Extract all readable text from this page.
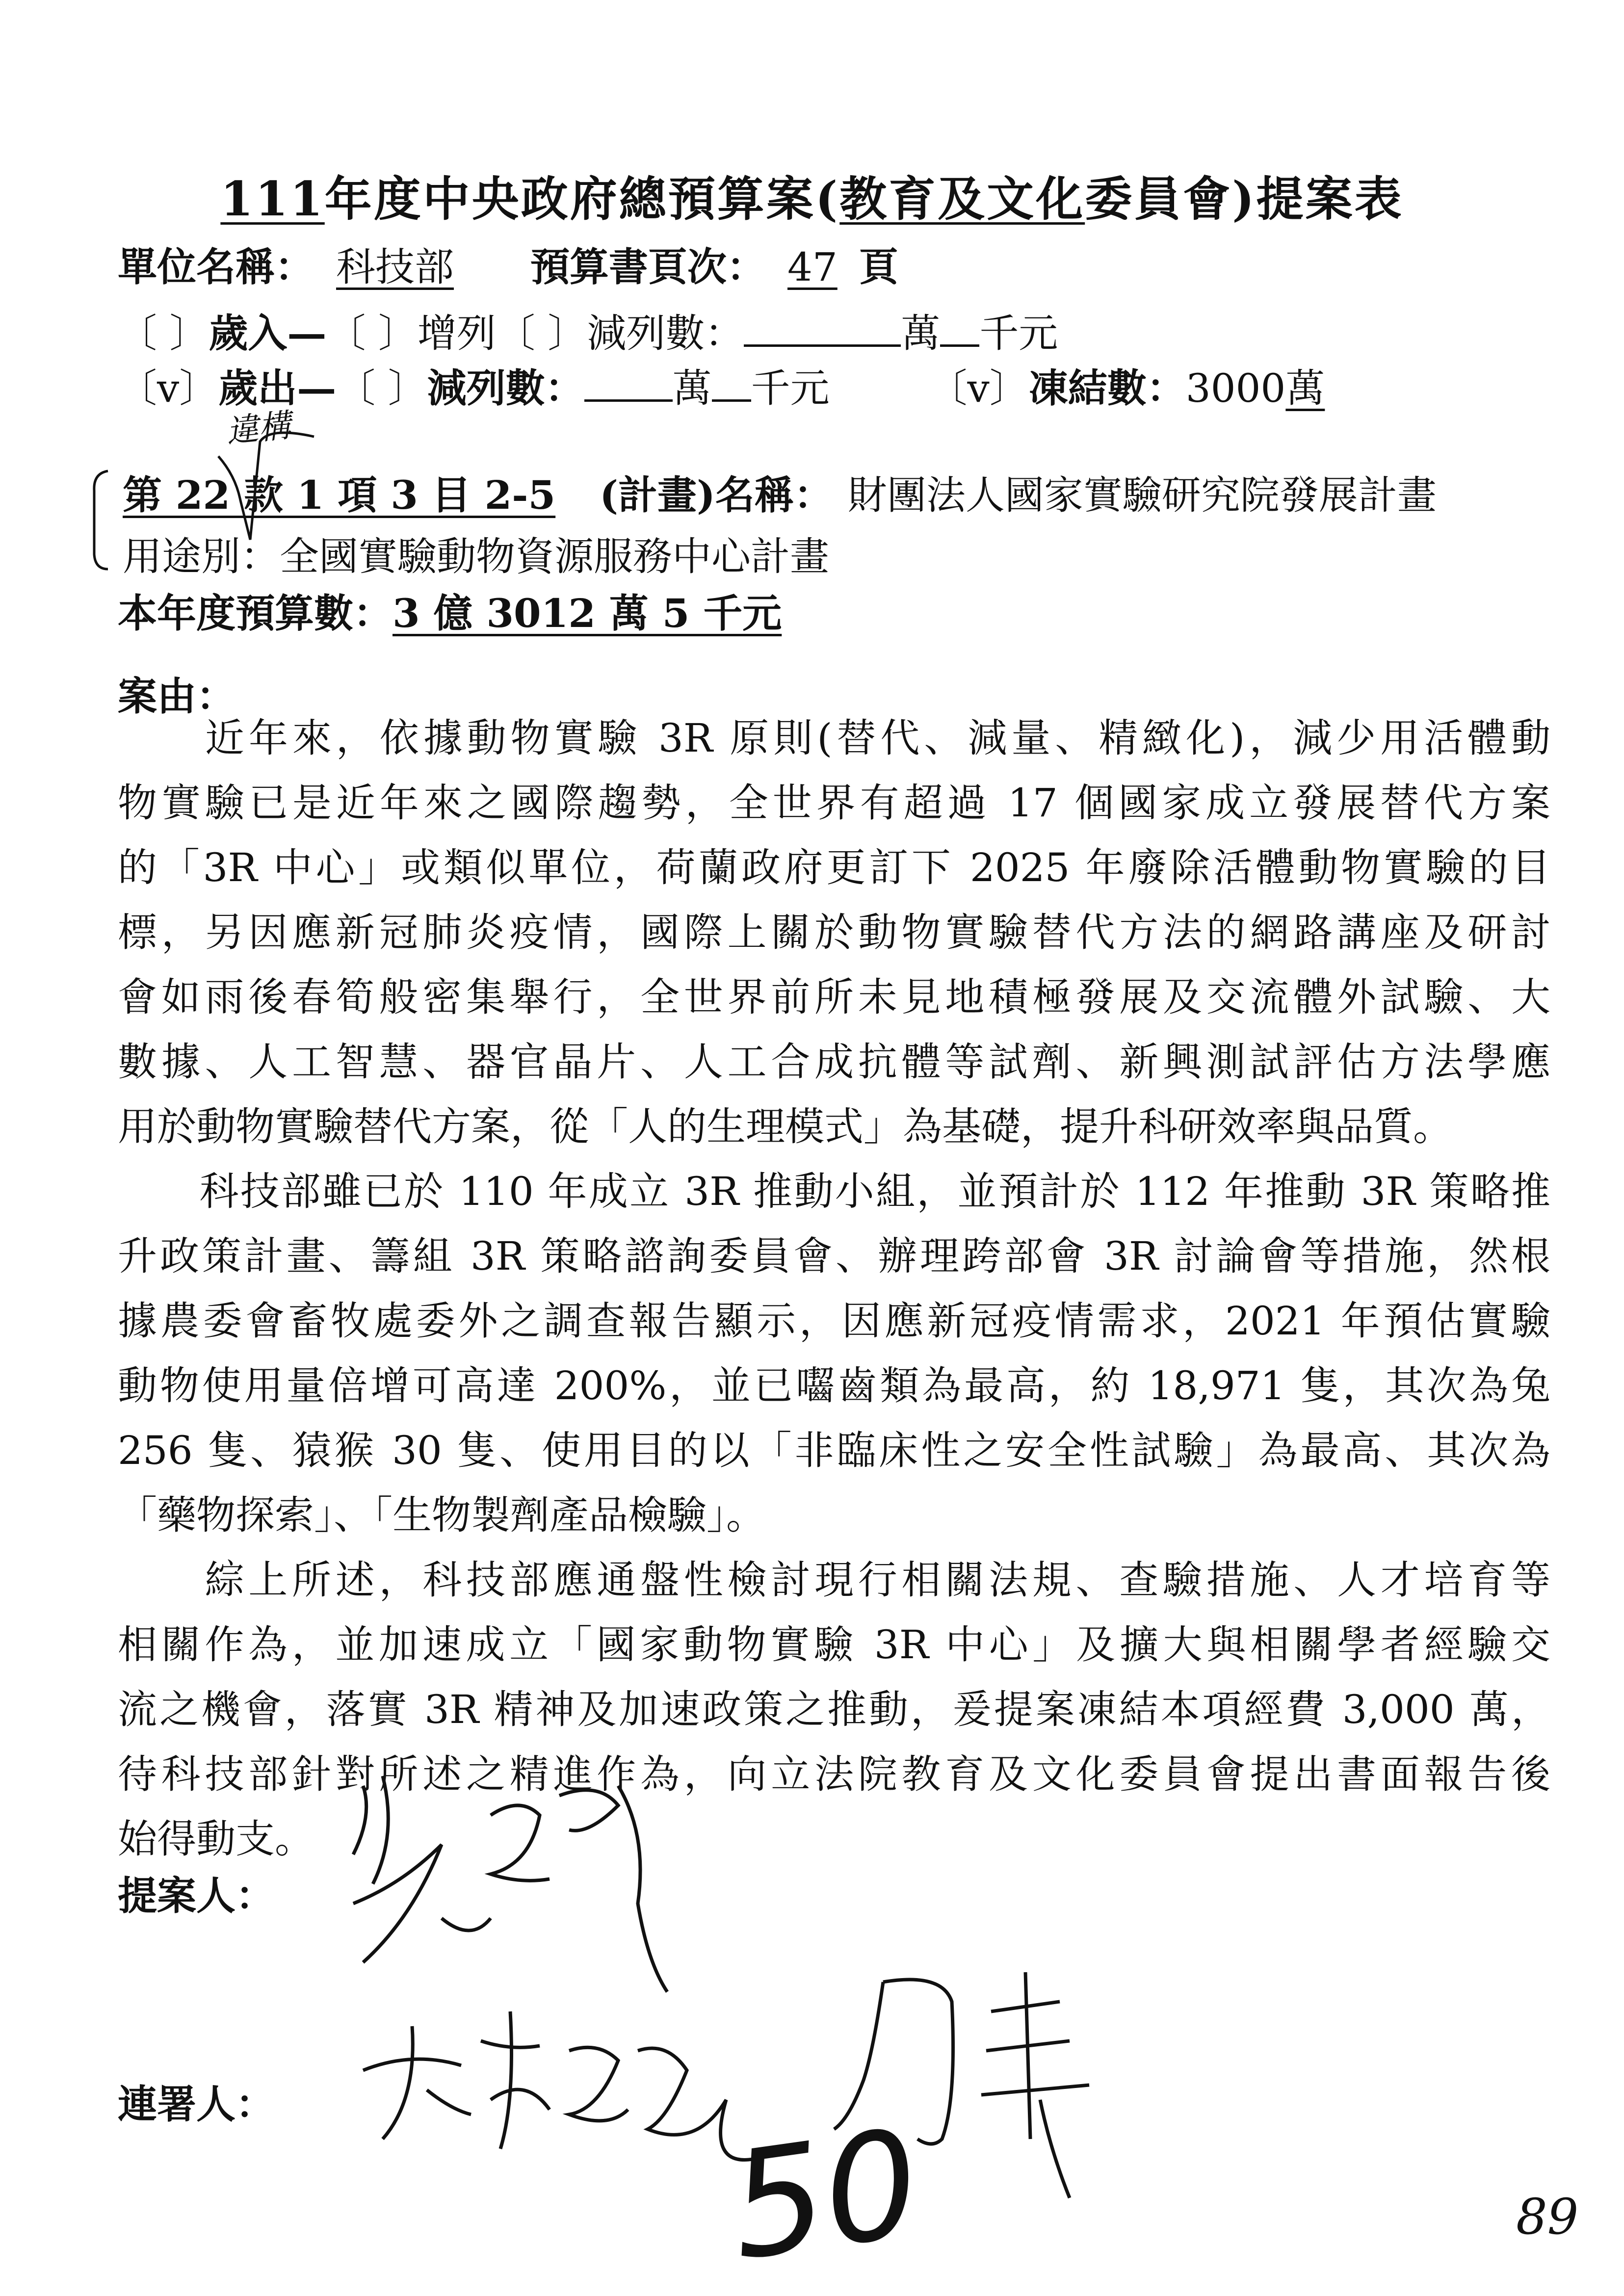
111年度中央政府總預算案(教育及文化委員會)提案表
單位名稱： 科技部 預算書頁次： 47 頁
〔 〕歲入—〔 〕增列〔 〕減列數：	萬 千元
〔v〕歲出—〔 〕減列數： 萬 千元	〔v〕凍結數：3000萬
違構
第 22 款 1 項 3 目 2-5 (計畫)名稱： 財團法人國家實驗研究院發展計畫
用途別：全國實驗動物資源服務中心計畫
本年度預算數：3 億 3012 萬 5 千元
案由：
　　近年來，依據動物實驗 3R 原則(替代、減量、精緻化)，減少用活體動
物實驗已是近年來之國際趨勢，全世界有超過 17 個國家成立發展替代方案
的「3R 中心」或類似單位，荷蘭政府更訂下 2025 年廢除活體動物實驗的目
標，另因應新冠肺炎疫情，國際上關於動物實驗替代方法的網路講座及研討
會如雨後春筍般密集舉行，全世界前所未見地積極發展及交流體外試驗、大
數據、人工智慧、器官晶片、人工合成抗體等試劑、新興測試評估方法學應
用於動物實驗替代方案，從「人的生理模式」為基礎，提升科研效率與品質。
　　科技部雖已於 110 年成立 3R 推動小組，並預計於 112 年推動 3R 策略推
升政策計畫、籌組 3R 策略諮詢委員會、辦理跨部會 3R 討論會等措施，然根
據農委會畜牧處委外之調查報告顯示，因應新冠疫情需求，2021 年預估實驗
動物使用量倍增可高達 200%，並已囓齒類為最高，約 18,971 隻，其次為兔
256 隻、猿猴 30 隻、使用目的以「非臨床性之安全性試驗」為最高、其次為
「藥物探索」、「生物製劑產品檢驗」。
　　綜上所述，科技部應通盤性檢討現行相關法規、查驗措施、人才培育等
相關作為，並加速成立「國家動物實驗 3R 中心」及擴大與相關學者經驗交
流之機會，落實 3R 精神及加速政策之推動，爰提案凍結本項經費 3,000 萬，
待科技部針對所述之精進作為，向立法院教育及文化委員會提出書面報告後
始得動支。
提案人：
連署人：	50	89
